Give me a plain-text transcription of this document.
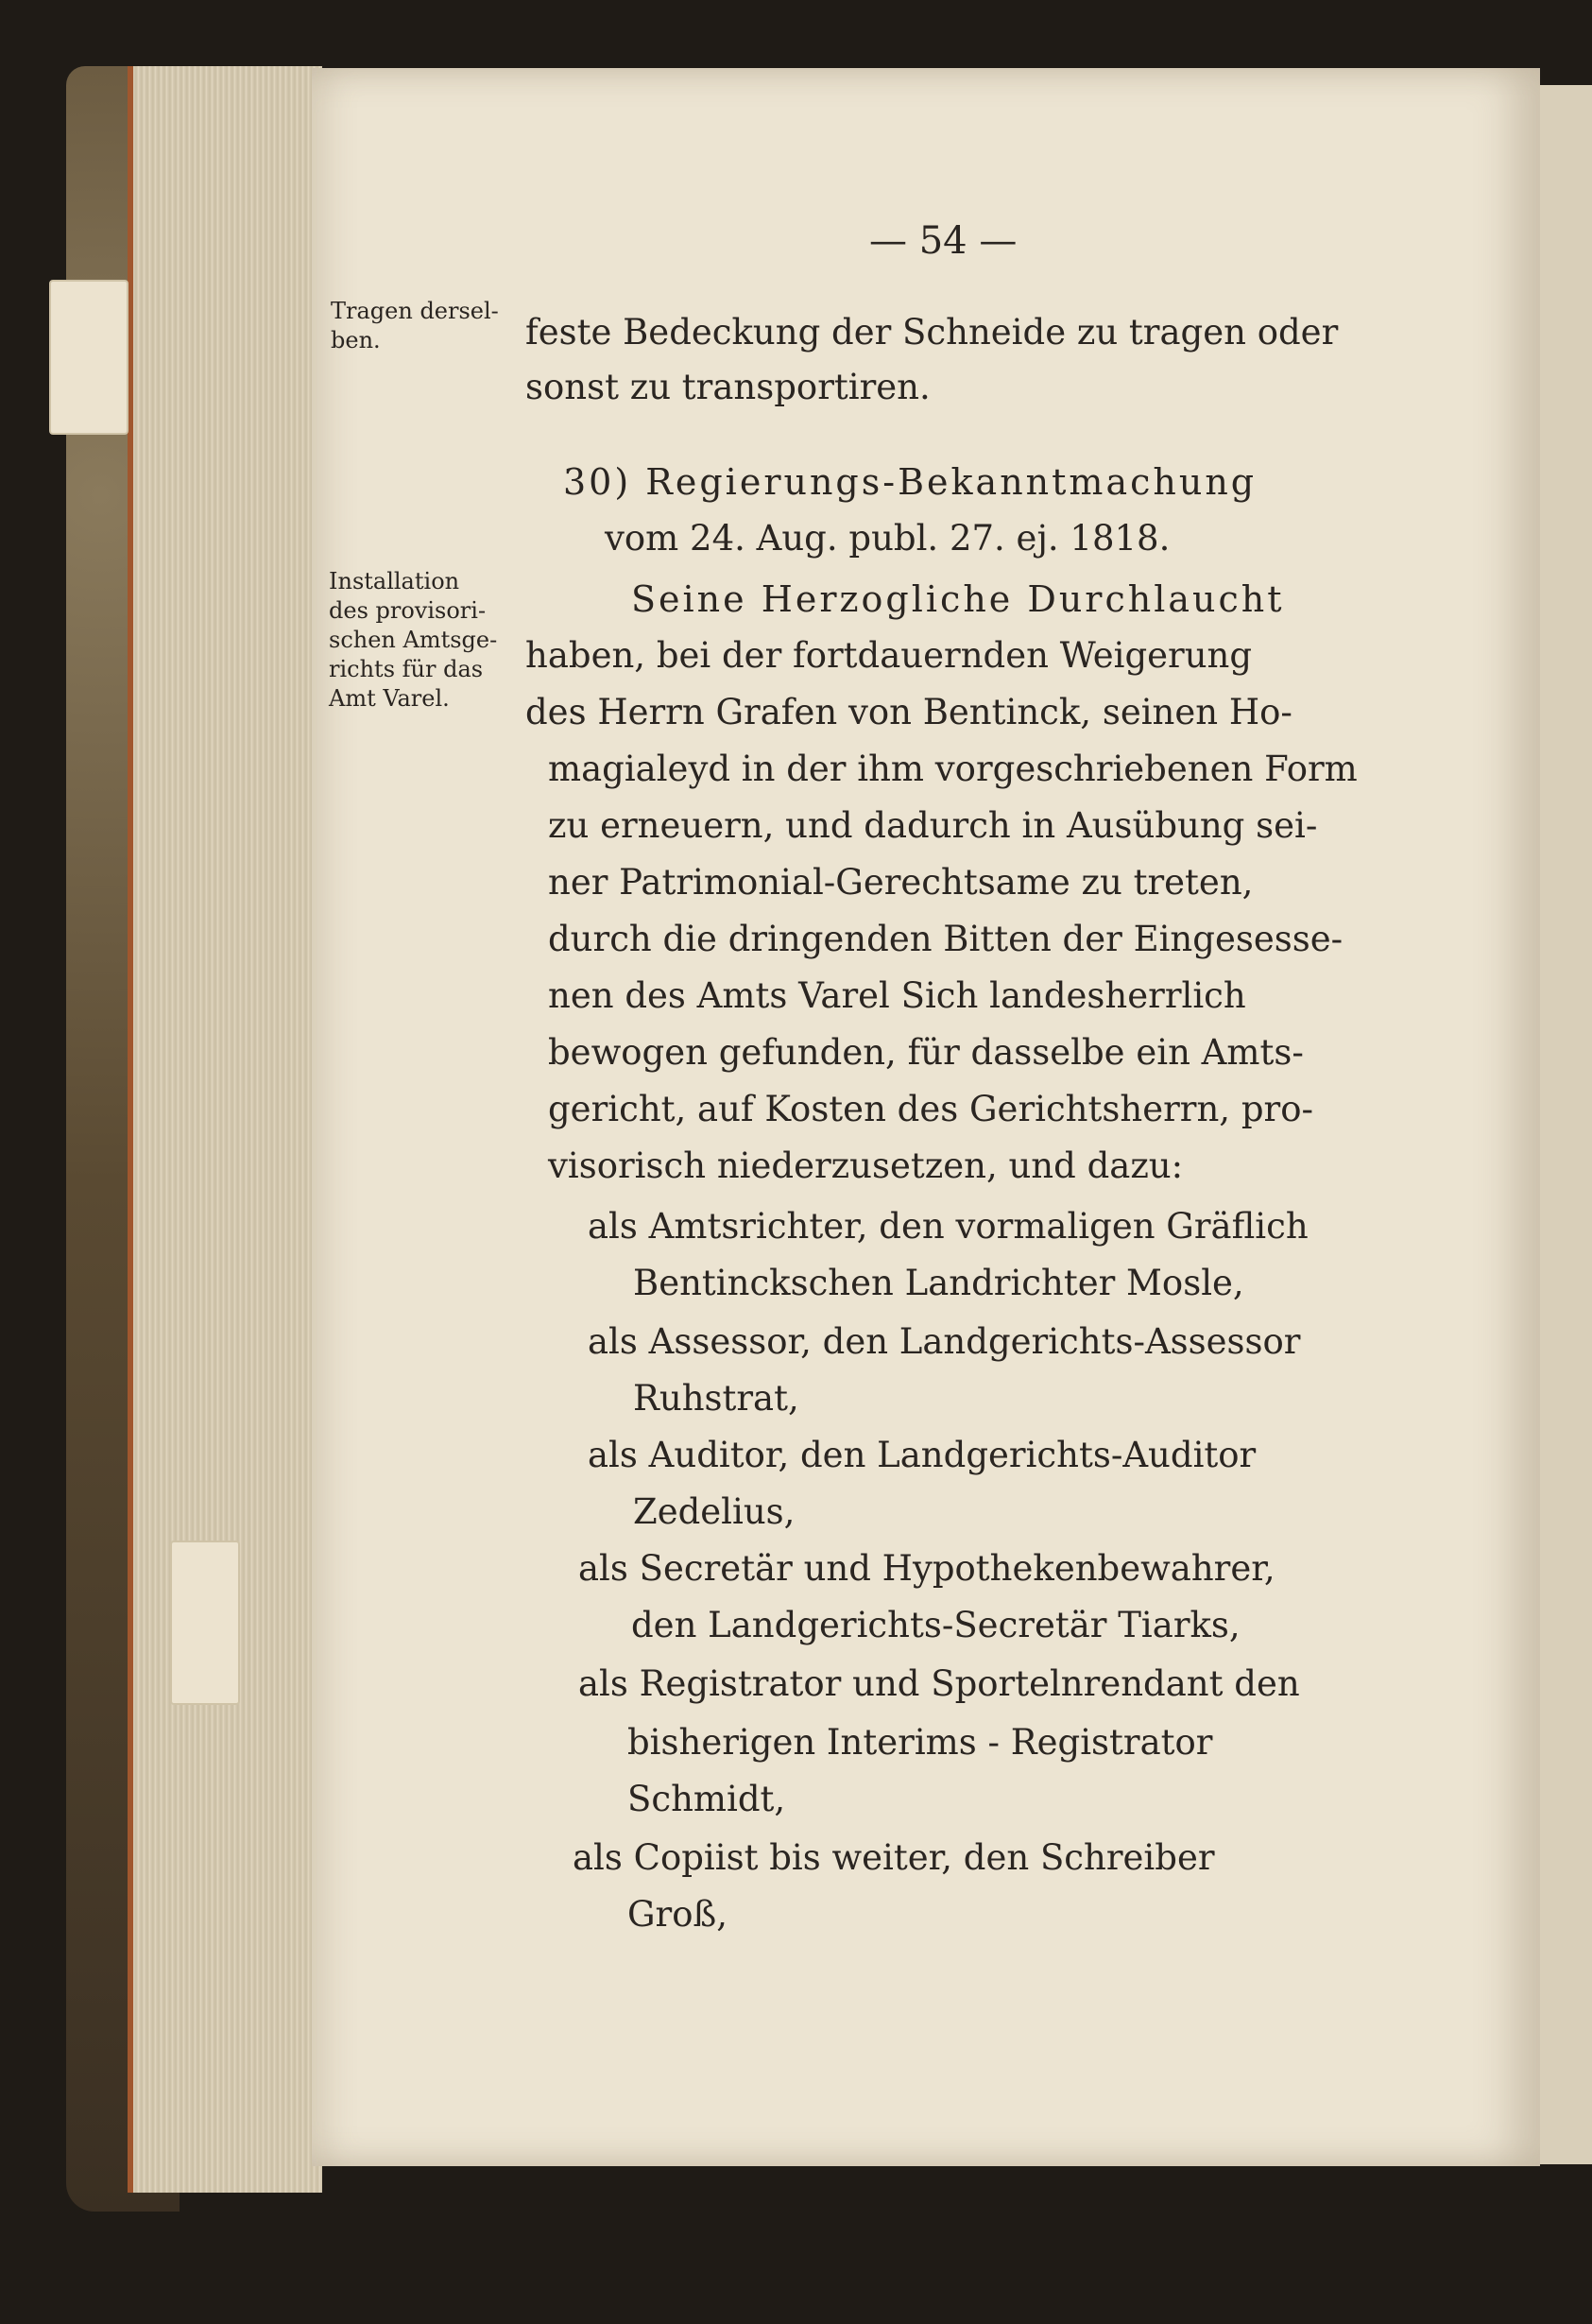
— 54 —
Tragen dersel-
ben.
Installation
des provisori-
schen Amtsge-
richts für das
Amt Varel.
feste Bedeckung der Schneide zu tragen oder
sonst zu transportiren.
30) Regierungs-Bekanntmachung
vom 24. Aug. publ. 27. ej. 1818.
Seine Herzogliche Durchlaucht
haben, bei der fortdauernden Weigerung
des Herrn Grafen von Bentinck, seinen Ho-
magialeyd in der ihm vorgeschriebenen Form
zu erneuern, und dadurch in Ausübung sei-
ner Patrimonial-Gerechtsame zu treten,
durch die dringenden Bitten der Eingesesse-
nen des Amts Varel Sich landesherrlich
bewogen gefunden, für dasselbe ein Amts-
gericht, auf Kosten des Gerichtsherrn, pro-
visorisch niederzusetzen, und dazu:
als Amtsrichter, den vormaligen Gräflich
Bentinckschen Landrichter Mosle,
als Assessor, den Landgerichts-Assessor
Ruhstrat,
als Auditor, den Landgerichts-Auditor
Zedelius,
als Secretär und Hypothekenbewahrer,
den Landgerichts-Secretär Tiarks,
als Registrator und Sportelnrendant den
bisherigen Interims - Registrator
Schmidt,
als Copiist bis weiter, den Schreiber
Groß,
